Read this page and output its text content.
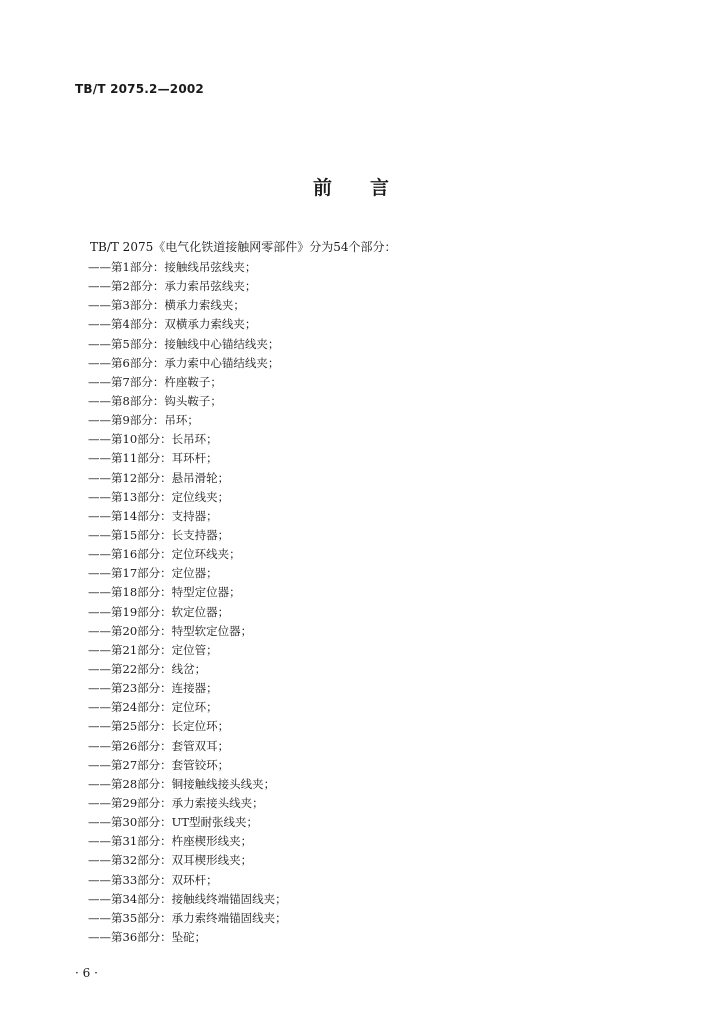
TB/T 2075.2—2002
前言
TB/T 2075《电气化铁道接触网零部件》分为54个部分：
——第1部分：接触线吊弦线夹；
——第2部分：承力索吊弦线夹；
——第3部分：横承力索线夹；
——第4部分：双横承力索线夹；
——第5部分：接触线中心锚结线夹；
——第6部分：承力索中心锚结线夹；
——第7部分：杵座鞍子；
——第8部分：钩头鞍子；
——第9部分：吊环；
——第10部分：长吊环；
——第11部分：耳环杆；
——第12部分：悬吊滑轮；
——第13部分：定位线夹；
——第14部分：支持器；
——第15部分：长支持器；
——第16部分：定位环线夹；
——第17部分：定位器；
——第18部分：特型定位器；
——第19部分：软定位器；
——第20部分：特型软定位器；
——第21部分：定位管；
——第22部分：线岔；
——第23部分：连接器；
——第24部分：定位环；
——第25部分：长定位环；
——第26部分：套管双耳；
——第27部分：套管铰环；
——第28部分：铜接触线接头线夹；
——第29部分：承力索接头线夹；
——第30部分：UT型耐张线夹；
——第31部分：杵座楔形线夹；
——第32部分：双耳楔形线夹；
——第33部分：双环杆；
——第34部分：接触线终端锚固线夹；
——第35部分：承力索终端锚固线夹；
——第36部分：坠砣；
· 6 ·
